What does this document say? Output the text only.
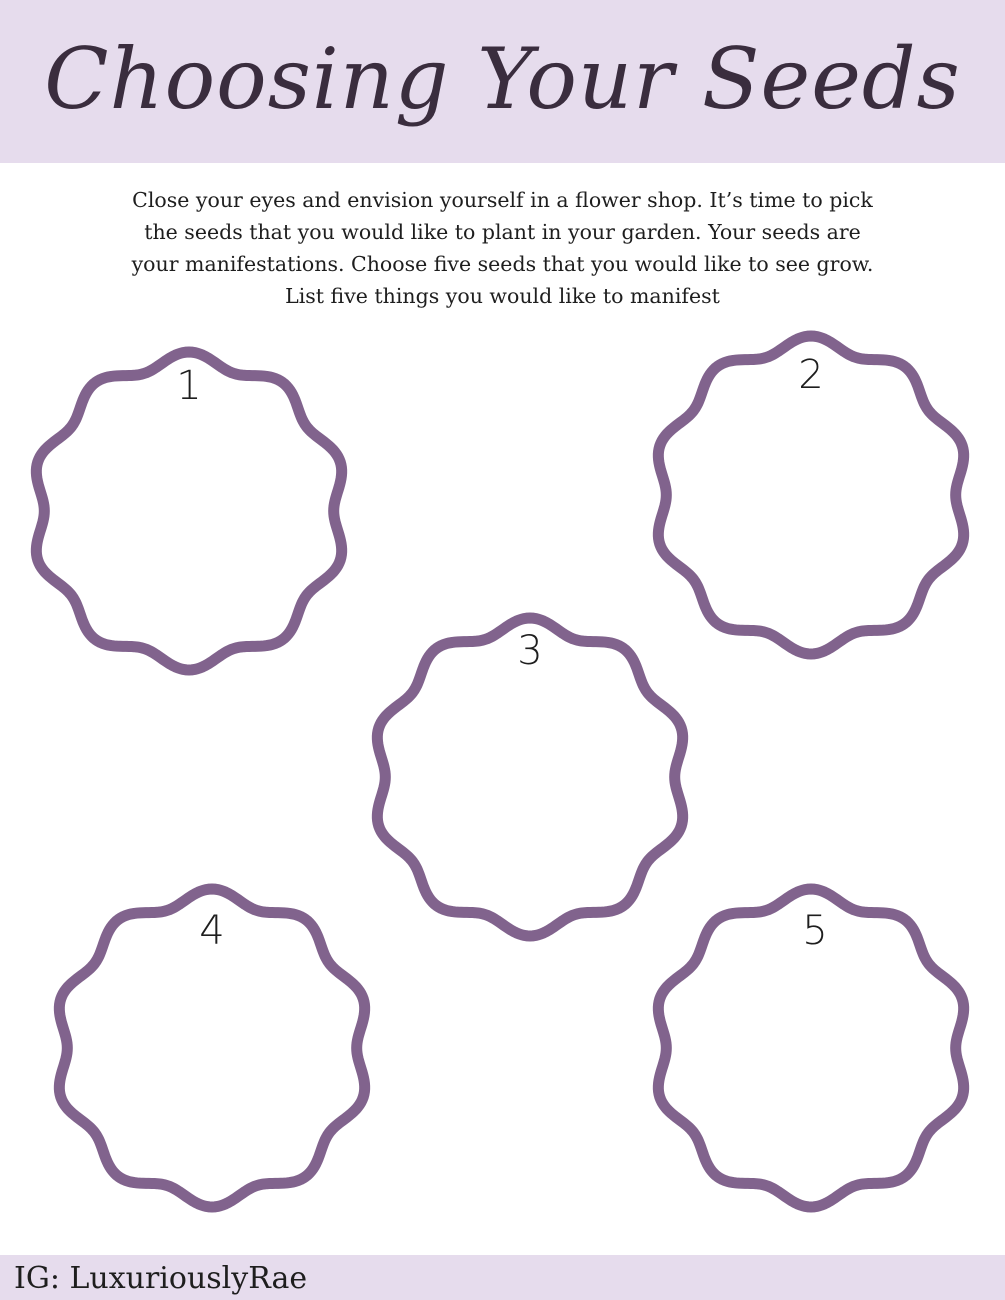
Choosing Your Seeds
Close your eyes and envision yourself in a flower shop. It’s time to pick
the seeds that you would like to plant in your garden. Your seeds are
your manifestations. Choose five seeds that you would like to see grow.
List five things you would like to manifest
1	2
3
4	5
IG: LuxuriouslyRae
